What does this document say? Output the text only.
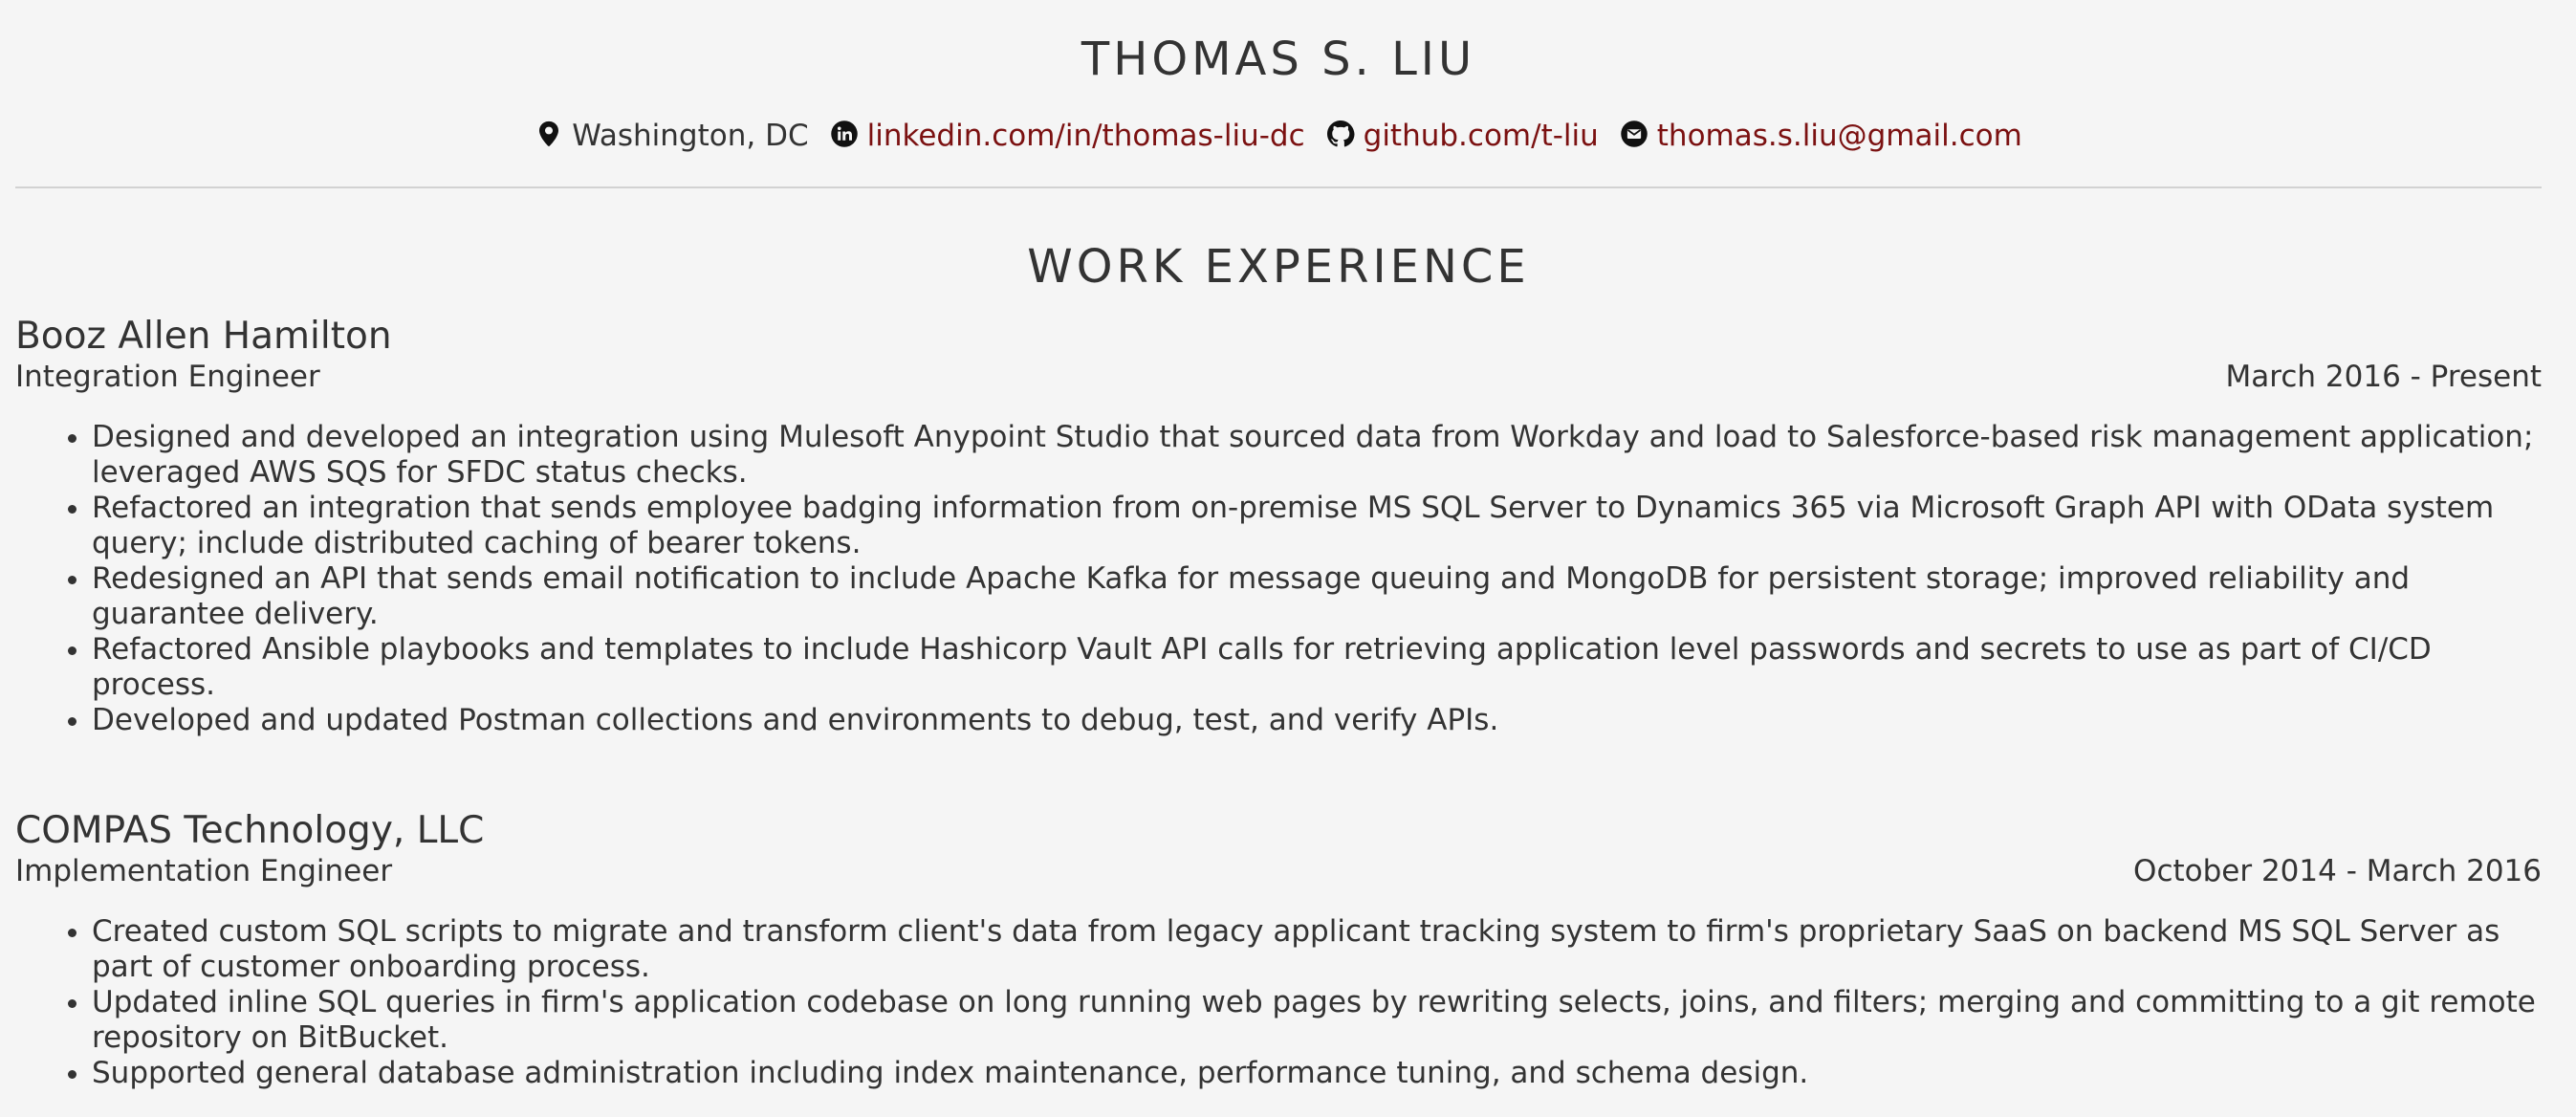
THOMAS S. LIU
Washington, DC linkedin.com/in/thomas-liu-dc github.com/t-liu thomas.s.liu@gmail.com
WORK EXPERIENCE
Booz Allen Hamilton
Integration Engineer	March 2016 - Present
• Designed and developed an integration using Mulesoft Anypoint Studio that sourced data from Workday and load to Salesforce-based risk management application; leveraged AWS SQS for SFDC status checks.
• Refactored an integration that sends employee badging information from on-premise MS SQL Server to Dynamics 365 via Microsoft Graph API with OData system query; include distributed caching of bearer tokens.
• Redesigned an API that sends email notification to include Apache Kafka for message queuing and MongoDB for persistent storage; improved reliability and guarantee delivery.
• Refactored Ansible playbooks and templates to include Hashicorp Vault API calls for retrieving application level passwords and secrets to use as part of CI/CD process.
• Developed and updated Postman collections and environments to debug, test, and verify APIs.
COMPAS Technology, LLC
Implementation Engineer	October 2014 - March 2016
• Created custom SQL scripts to migrate and transform client's data from legacy applicant tracking system to firm's proprietary SaaS on backend MS SQL Server as part of customer onboarding process.
• Updated inline SQL queries in firm's application codebase on long running web pages by rewriting selects, joins, and filters; merging and committing to a git remote repository on BitBucket.
• Supported general database administration including index maintenance, performance tuning, and schema design.
